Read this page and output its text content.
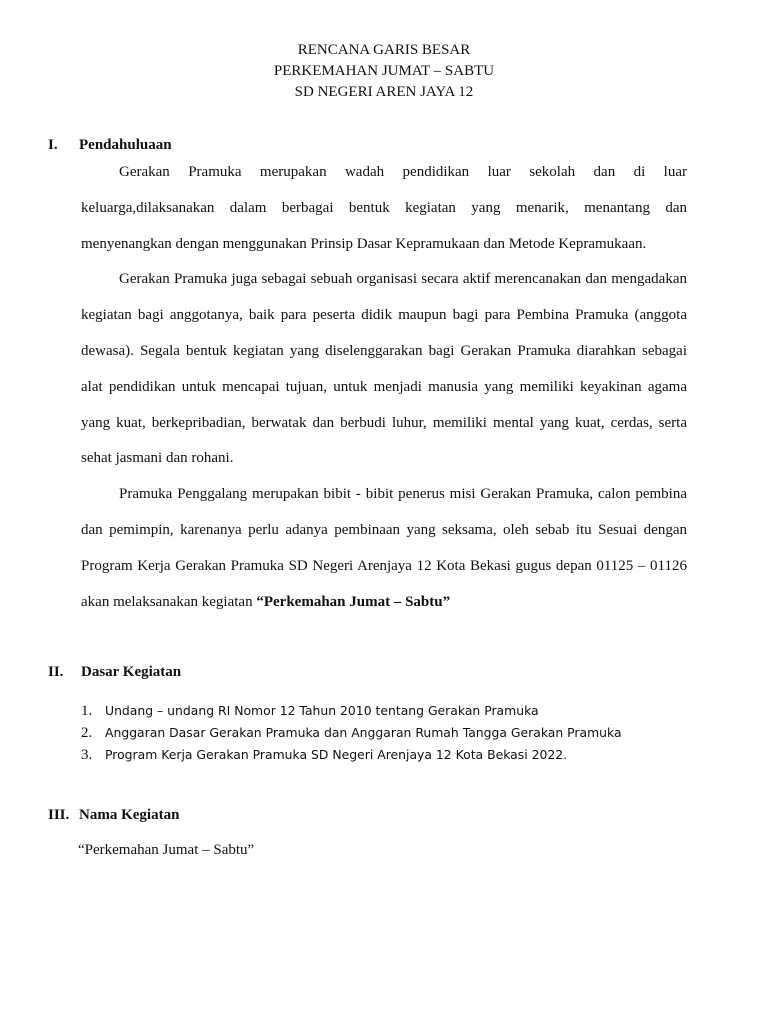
RENCANA GARIS BESAR
PERKEMAHAN JUMAT – SABTU
SD NEGERI AREN JAYA 12
I. Pendahuluaan

Gerakan Pramuka merupakan wadah pendidikan luar sekolah dan di luar keluarga,dilaksanakan dalam berbagai bentuk kegiatan yang menarik, menantang dan menyenangkan dengan menggunakan Prinsip Dasar Kepramukaan dan Metode Kepramukaan.

Gerakan Pramuka juga sebagai sebuah organisasi secara aktif merencanakan dan mengadakan kegiatan bagi anggotanya, baik para peserta didik maupun bagi para Pembina Pramuka (anggota dewasa). Segala bentuk kegiatan yang diselenggarakan bagi Gerakan Pramuka diarahkan sebagai alat pendidikan untuk mencapai tujuan, untuk menjadi manusia yang memiliki keyakinan agama yang kuat, berkepribadian, berwatak dan berbudi luhur, memiliki mental yang kuat, cerdas, serta sehat jasmani dan rohani.

Pramuka Penggalang merupakan bibit - bibit penerus misi Gerakan Pramuka, calon pembina dan pemimpin, karenanya perlu adanya pembinaan yang seksama, oleh sebab itu Sesuai dengan Program Kerja Gerakan Pramuka SD Negeri Arenjaya 12 Kota Bekasi gugus depan 01125 – 01126 akan melaksanakan kegiatan “Perkemahan Jumat – Sabtu”

II. Dasar Kegiatan
1. Undang – undang RI Nomor 12 Tahun 2010 tentang Gerakan Pramuka
2. Anggaran Dasar Gerakan Pramuka dan Anggaran Rumah Tangga Gerakan Pramuka
3. Program Kerja Gerakan Pramuka SD Negeri Arenjaya 12 Kota Bekasi 2022.
III. Nama Kegiatan
“Perkemahan Jumat – Sabtu”
